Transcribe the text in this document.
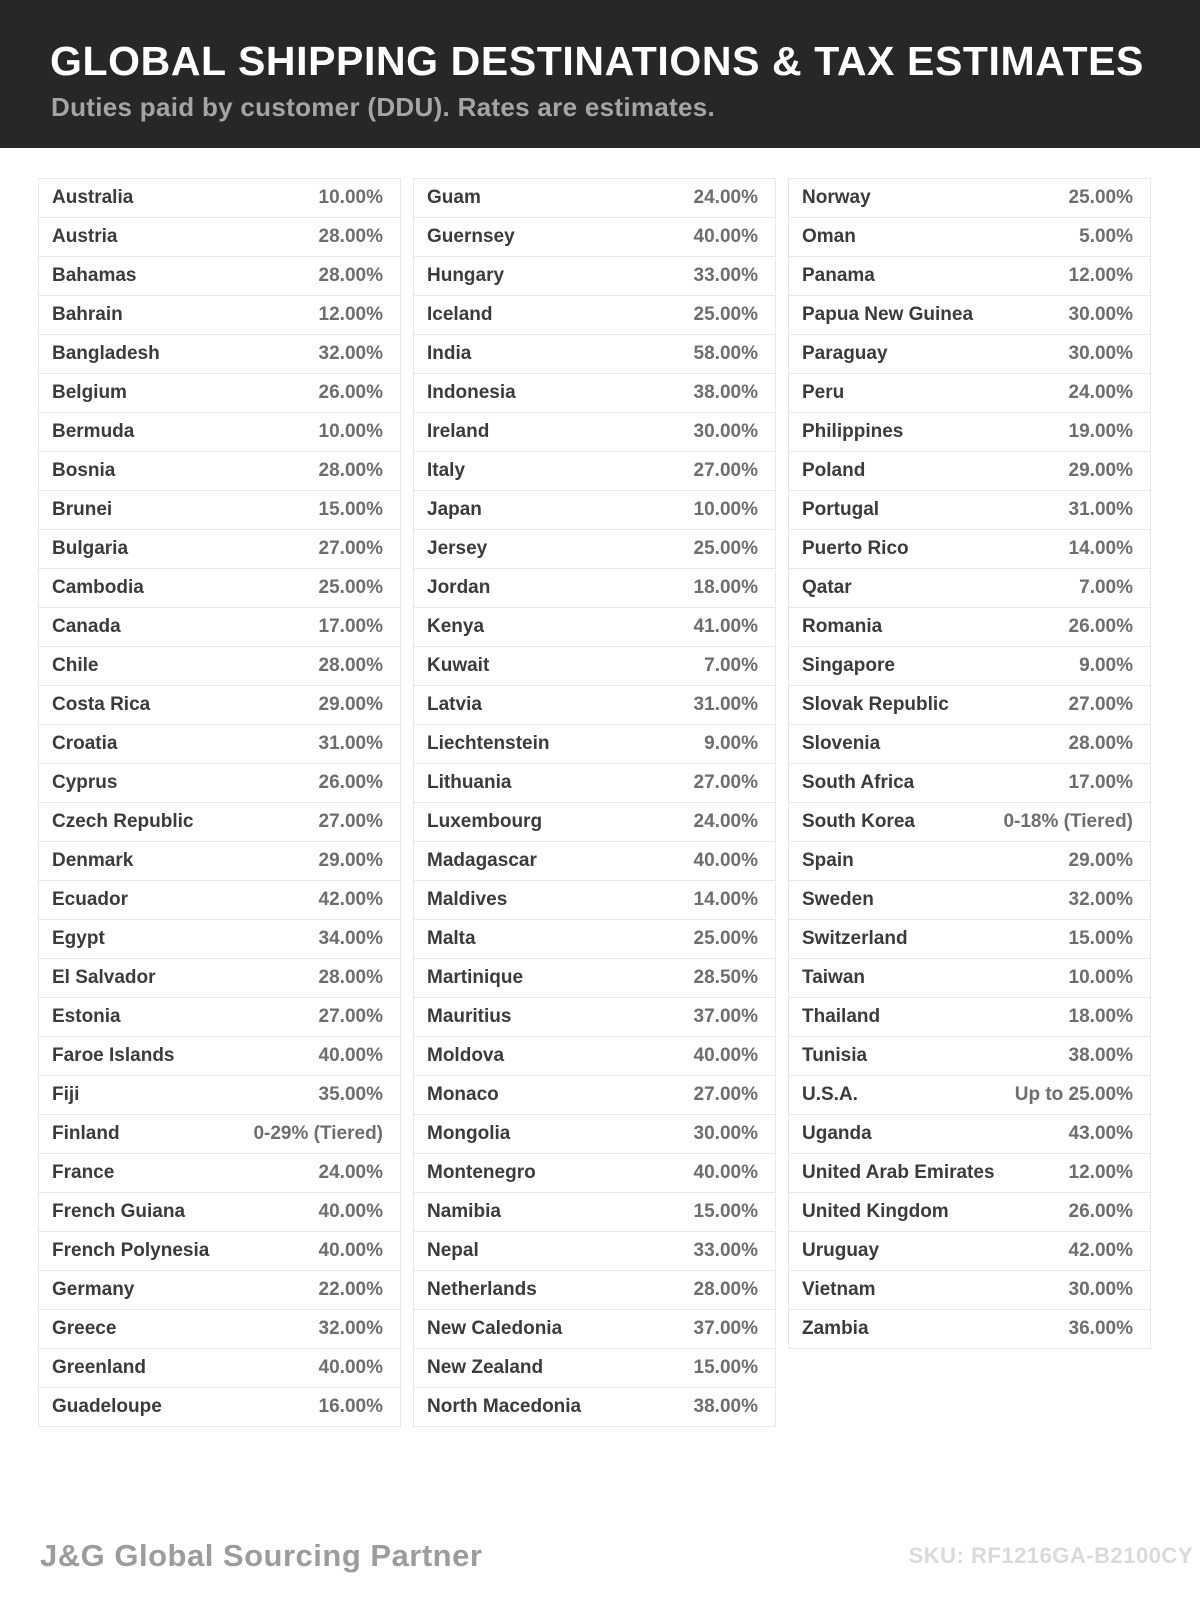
GLOBAL SHIPPING DESTINATIONS & TAX ESTIMATES
Duties paid by customer (DDU). Rates are estimates.
Australia	10.00%
Austria	28.00%
Bahamas	28.00%
Bahrain	12.00%
Bangladesh	32.00%
Belgium	26.00%
Bermuda	10.00%
Bosnia	28.00%
Brunei	15.00%
Bulgaria	27.00%
Cambodia	25.00%
Canada	17.00%
Chile	28.00%
Costa Rica	29.00%
Croatia	31.00%
Cyprus	26.00%
Czech Republic	27.00%
Denmark	29.00%
Ecuador	42.00%
Egypt	34.00%
El Salvador	28.00%
Estonia	27.00%
Faroe Islands	40.00%
Fiji	35.00%
Finland	0-29% (Tiered)
France	24.00%
French Guiana	40.00%
French Polynesia	40.00%
Germany	22.00%
Greece	32.00%
Greenland	40.00%
Guadeloupe	16.00%
Guam	24.00%
Guernsey	40.00%
Hungary	33.00%
Iceland	25.00%
India	58.00%
Indonesia	38.00%
Ireland	30.00%
Italy	27.00%
Japan	10.00%
Jersey	25.00%
Jordan	18.00%
Kenya	41.00%
Kuwait	7.00%
Latvia	31.00%
Liechtenstein	9.00%
Lithuania	27.00%
Luxembourg	24.00%
Madagascar	40.00%
Maldives	14.00%
Malta	25.00%
Martinique	28.50%
Mauritius	37.00%
Moldova	40.00%
Monaco	27.00%
Mongolia	30.00%
Montenegro	40.00%
Namibia	15.00%
Nepal	33.00%
Netherlands	28.00%
New Caledonia	37.00%
New Zealand	15.00%
North Macedonia	38.00%
Norway	25.00%
Oman	5.00%
Panama	12.00%
Papua New Guinea	30.00%
Paraguay	30.00%
Peru	24.00%
Philippines	19.00%
Poland	29.00%
Portugal	31.00%
Puerto Rico	14.00%
Qatar	7.00%
Romania	26.00%
Singapore	9.00%
Slovak Republic	27.00%
Slovenia	28.00%
South Africa	17.00%
South Korea	0-18% (Tiered)
Spain	29.00%
Sweden	32.00%
Switzerland	15.00%
Taiwan	10.00%
Thailand	18.00%
Tunisia	38.00%
U.S.A.	Up to 25.00%
Uganda	43.00%
United Arab Emirates	12.00%
United Kingdom	26.00%
Uruguay	42.00%
Vietnam	30.00%
Zambia	36.00%
J&G Global Sourcing Partner	SKU: RF1216GA-B2100CY
